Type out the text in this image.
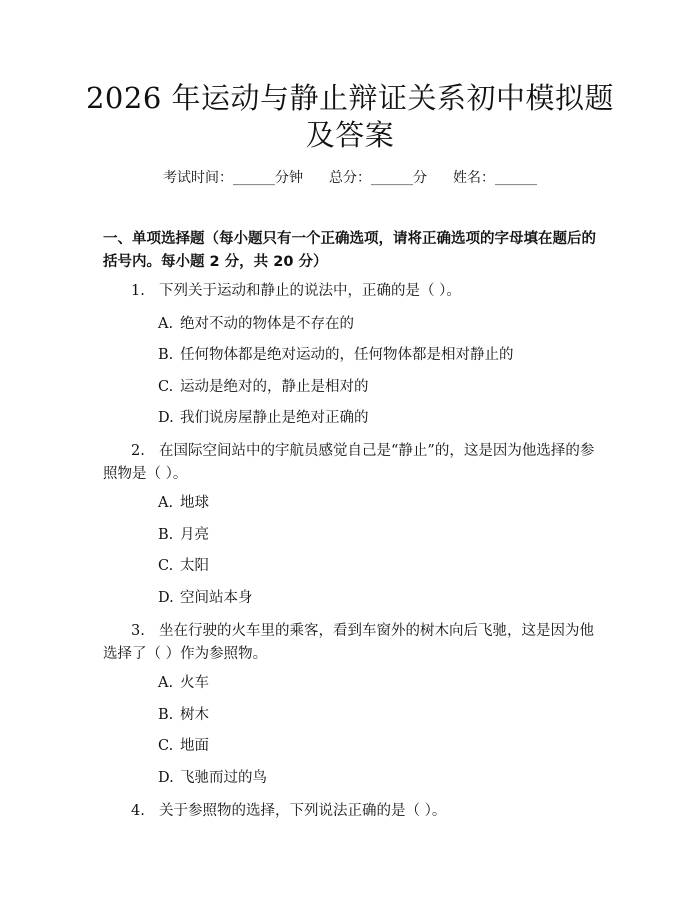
2026 年运动与静止辩证关系初中模拟题及答案
考试时间：______分钟 总分：______分 姓名：______
一、单项选择题（每小题只有一个正确选项，请将正确选项的字母填在题后的括号内。每小题 2 分，共 20 分）
1. 下列关于运动和静止的说法中，正确的是（ ）。
A. 绝对不动的物体是不存在的
B. 任何物体都是绝对运动的，任何物体都是相对静止的
C. 运动是绝对的，静止是相对的
D. 我们说房屋静止是绝对正确的
2. 在国际空间站中的宇航员感觉自己是“静止”的，这是因为他选择的参照物是（ ）。
A. 地球
B. 月亮
C. 太阳
D. 空间站本身
3. 坐在行驶的火车里的乘客，看到车窗外的树木向后飞驰，这是因为他选择了（ ）作为参照物。
A. 火车
B. 树木
C. 地面
D. 飞驰而过的鸟
4. 关于参照物的选择，下列说法正确的是（ ）。
